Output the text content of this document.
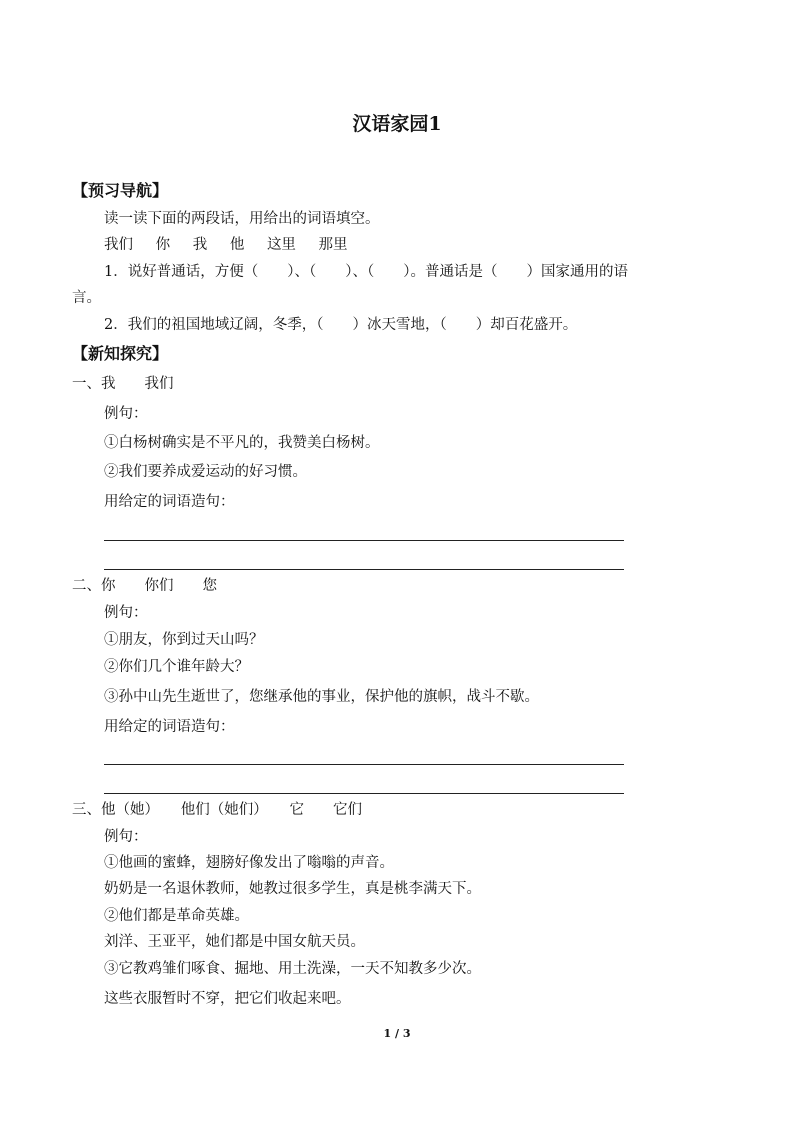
汉语家园1
【预习导航】
读一读下面的两段话，用给出的词语填空。
我们 你 我 他 这里 那里
1．说好普通话，方便（　　）、（　　）、（　　）。普通话是（　　）国家通用的语
言。
2．我们的祖国地域辽阔，冬季，（　　）冰天雪地，（　　）却百花盛开。
【新知探究】
一、我　　我们
例句：
①白杨树确实是不平凡的，我赞美白杨树。
②我们要养成爱运动的好习惯。
用给定的词语造句：
二、你　　你们　　您
例句：
①朋友，你到过天山吗？
②你们几个谁年龄大？
③孙中山先生逝世了，您继承他的事业，保护他的旗帜，战斗不歇。
用给定的词语造句：
三、他（她）　　他们（她们）　　它　　它们
例句：
①他画的蜜蜂，翅膀好像发出了嗡嗡的声音。
奶奶是一名退休教师，她教过很多学生，真是桃李满天下。
②他们都是革命英雄。
刘洋、王亚平，她们都是中国女航天员。
③它教鸡雏们啄食、掘地、用土洗澡，一天不知教多少次。
这些衣服暂时不穿，把它们收起来吧。
1 / 3
